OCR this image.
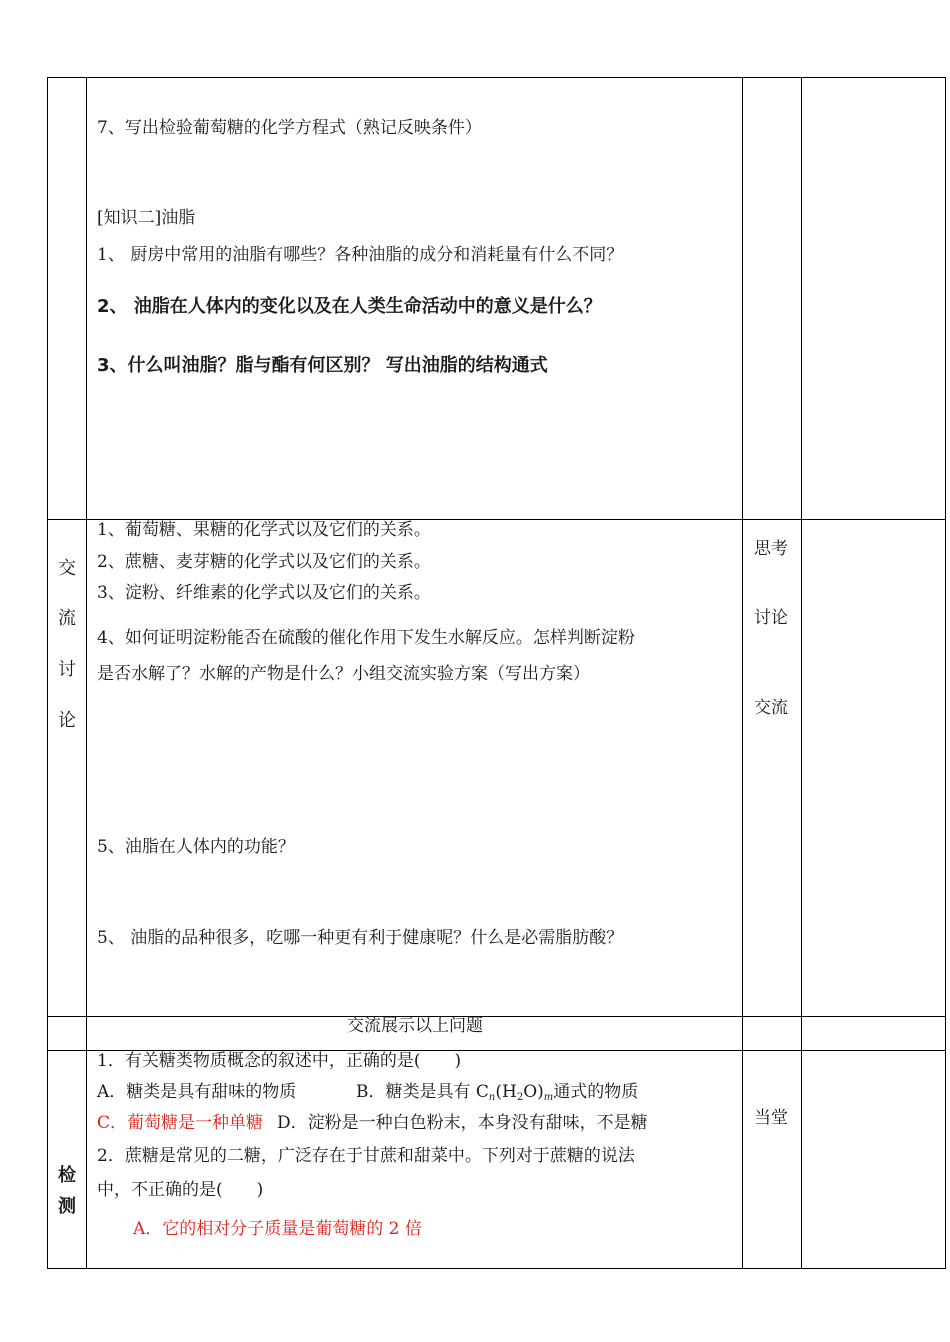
7、写出检验葡萄糖的化学方程式（熟记反映条件）
[知识二]油脂
1、 厨房中常用的油脂有哪些？各种油脂的成分和消耗量有什么不同？
2、 油脂在人体内的变化以及在人类生命活动中的意义是什么？
3、什么叫油脂？脂与酯有何区别？ 写出油脂的结构通式
交
流
讨
论
1、葡萄糖、果糖的化学式以及它们的关系。
2、蔗糖、麦芽糖的化学式以及它们的关系。
3、淀粉、纤维素的化学式以及它们的关系。
4、如何证明淀粉能否在硫酸的催化作用下发生水解反应。怎样判断淀粉
是否水解了？水解的产物是什么？小组交流实验方案（写出方案）
5、油脂在人体内的功能？
5、 油脂的品种很多，吃哪一种更有利于健康呢？什么是必需脂肪酸？
思考
讨论
交流
交流展示以上问题
检
测
1．有关糖类物质概念的叙述中，正确的是(　　)
A．糖类是具有甜味的物质	B．糖类是具有 $C_n(H_2O)_m$通式的物质
C．葡萄糖是一种单糖 D．淀粉是一种白色粉末，本身没有甜味，不是糖
2．蔗糖是常见的二糖，广泛存在于甘蔗和甜菜中。下列对于蔗糖的说法
中，不正确的是(　　)
A．它的相对分子质量是葡萄糖的 2 倍
当堂
